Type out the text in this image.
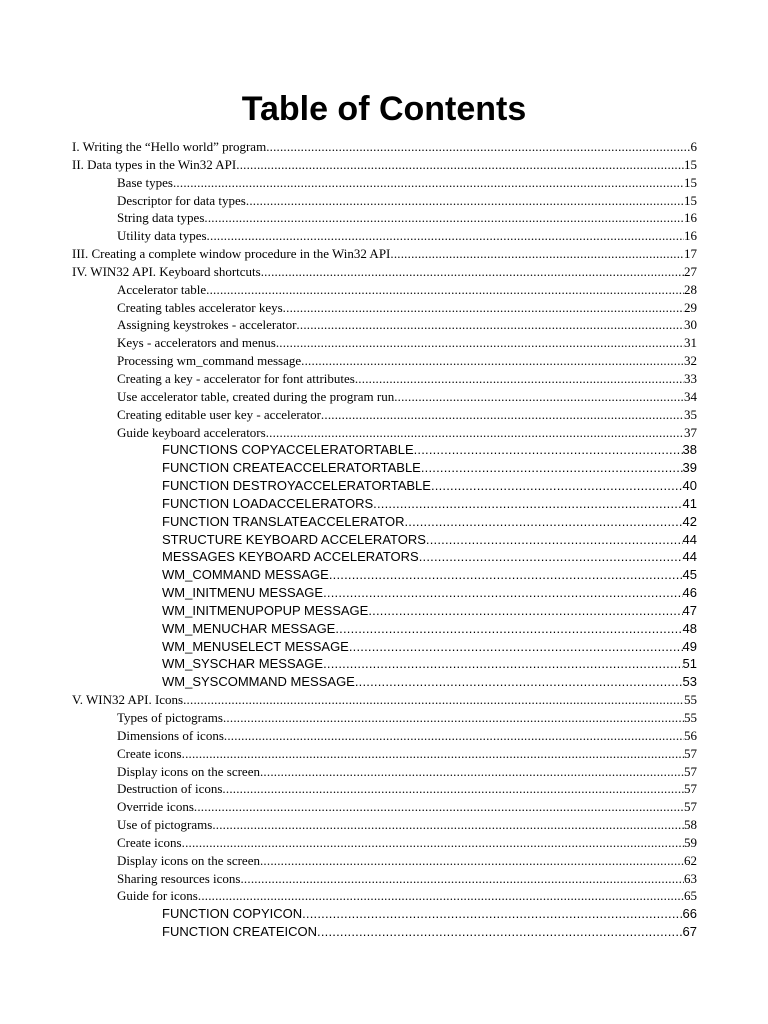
Table of Contents
I. Writing the “Hello world” program .....	6
II. Data types in the Win32 API .....	15
Base types .....	15
Descriptor for data types .....	15
String data types .....	16
Utility data types .....	16
III. Creating a complete window procedure in the Win32 API .....	17
IV. WIN32 API. Keyboard shortcuts .....	27
Accelerator table .....	28
Creating tables accelerator keys .....	29
Assigning keystrokes - accelerator .....	30
Keys - accelerators and menus .....	31
Processing wm_command message .....	32
Creating a key - accelerator for font attributes .....	33
Use accelerator table, created during the program run .....	34
Creating editable user key - accelerator .....	35
Guide keyboard accelerators .....	37
FUNCTIONS COPYACCELERATORTABLE .....	38
FUNCTION CREATEACCELERATORTABLE .....	39
FUNCTION DESTROYACCELERATORTABLE .....	40
FUNCTION LOADACCELERATORS .....	41
FUNCTION TRANSLATEACCELERATOR .....	42
STRUCTURE KEYBOARD ACCELERATORS .....	44
MESSAGES KEYBOARD ACCELERATORS .....	44
WM_COMMAND MESSAGE .....	45
WM_INITMENU MESSAGE .....	46
WM_INITMENUPOPUP MESSAGE .....	47
WM_MENUCHAR MESSAGE .....	48
WM_MENUSELECT MESSAGE .....	49
WM_SYSCHAR MESSAGE .....	51
WM_SYSCOMMAND MESSAGE .....	53
V. WIN32 API. Icons .....	55
Types of pictograms .....	55
Dimensions of icons .....	56
Create icons .....	57
Display icons on the screen .....	57
Destruction of icons .....	57
Override icons .....	57
Use of pictograms .....	58
Create icons .....	59
Display icons on the screen .....	62
Sharing resources icons .....	63
Guide for icons .....	65
FUNCTION COPYICON .....	66
FUNCTION CREATEICON .....	67
